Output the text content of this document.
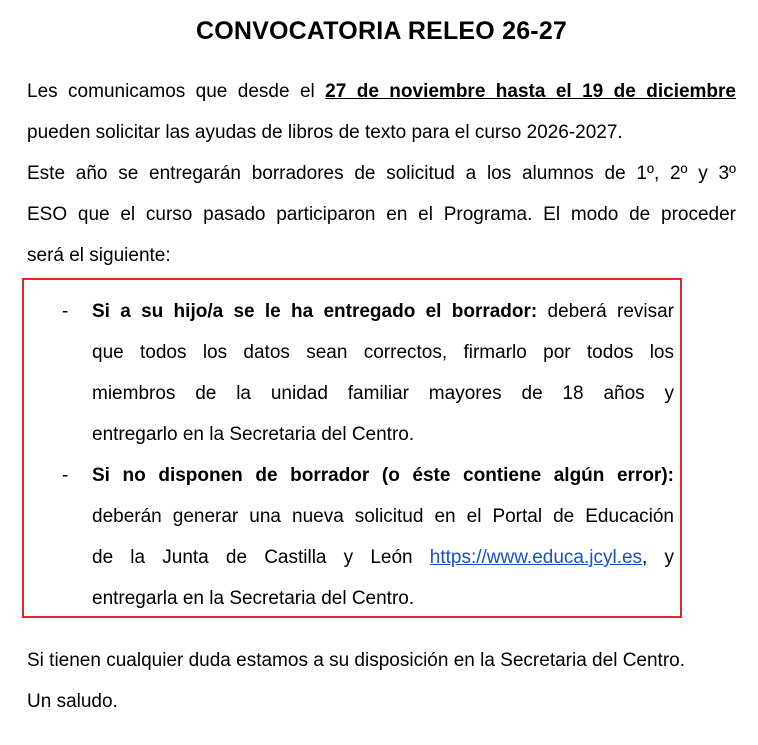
CONVOCATORIA RELEO 26-27
Les comunicamos que desde el 27 de noviembre hasta el 19 de diciembre
pueden solicitar las ayudas de libros de texto para el curso 2026-2027.
Este año se entregarán borradores de solicitud a los alumnos de 1º, 2º y 3º
ESO que el curso pasado participaron en el Programa. El modo de proceder
será el siguiente:
- Si a su hijo/a se le ha entregado el borrador: deberá revisar
que todos los datos sean correctos, firmarlo por todos los
miembros de la unidad familiar mayores de 18 años y
entregarlo en la Secretaria del Centro.
- Si no disponen de borrador (o éste contiene algún error):
deberán generar una nueva solicitud en el Portal de Educación
de la Junta de Castilla y León https://www.educa.jcyl.es, y
entregarla en la Secretaria del Centro.
Si tienen cualquier duda estamos a su disposición en la Secretaria del Centro.
Un saludo.
